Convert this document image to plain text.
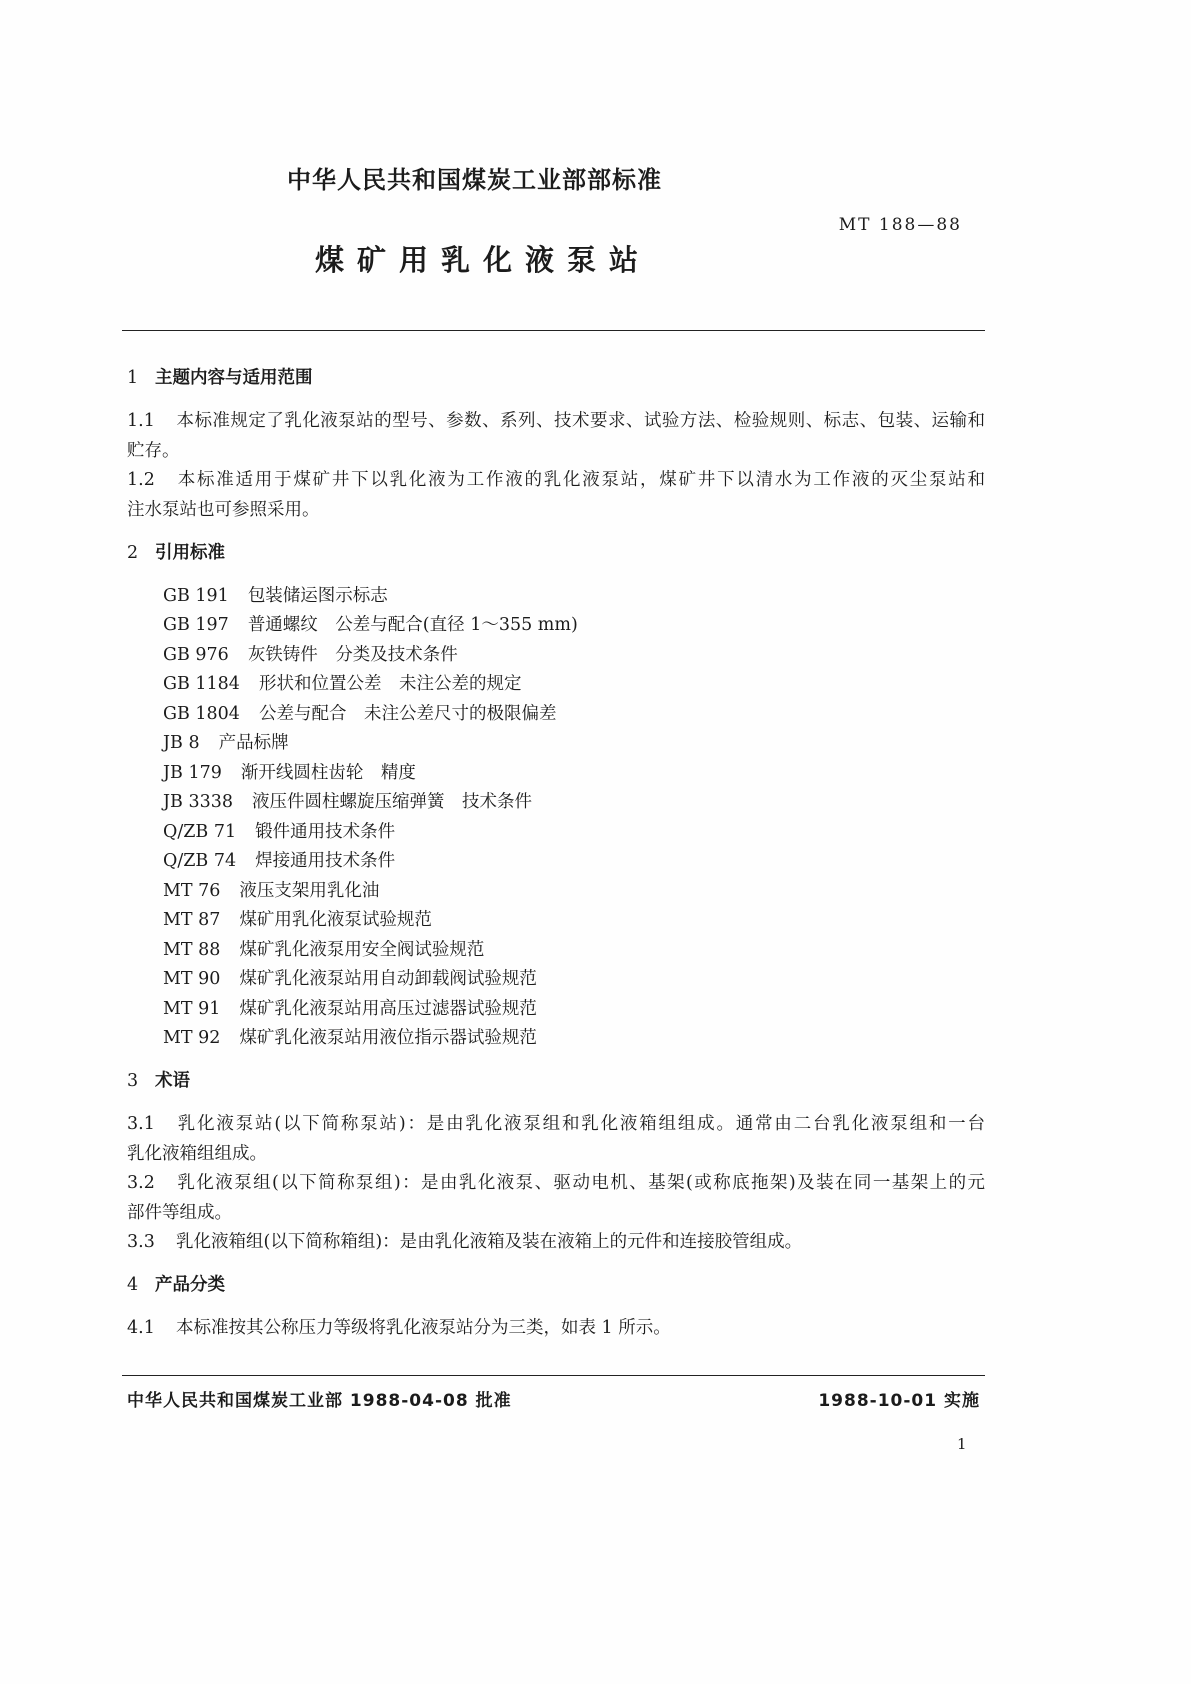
中华人民共和国煤炭工业部部标准
MT 188—88
煤矿用乳化液泵站
1 主题内容与适用范围
1.1 本标准规定了乳化液泵站的型号、参数、系列、技术要求、试验方法、检验规则、标志、包装、运输和
贮存。
1.2 本标准适用于煤矿井下以乳化液为工作液的乳化液泵站，煤矿井下以清水为工作液的灭尘泵站和
注水泵站也可参照采用。
2 引用标准
GB 191 包装储运图示标志
GB 197 普通螺纹　公差与配合(直径 1～355 mm)
GB 976 灰铁铸件　分类及技术条件
GB 1184 形状和位置公差　未注公差的规定
GB 1804 公差与配合　未注公差尺寸的极限偏差
JB 8 产品标牌
JB 179 渐开线圆柱齿轮　精度
JB 3338 液压件圆柱螺旋压缩弹簧　技术条件
Q/ZB 71 锻件通用技术条件
Q/ZB 74 焊接通用技术条件
MT 76 液压支架用乳化油
MT 87 煤矿用乳化液泵试验规范
MT 88 煤矿乳化液泵用安全阀试验规范
MT 90 煤矿乳化液泵站用自动卸载阀试验规范
MT 91 煤矿乳化液泵站用高压过滤器试验规范
MT 92 煤矿乳化液泵站用液位指示器试验规范
3 术语
3.1 乳化液泵站(以下简称泵站)：是由乳化液泵组和乳化液箱组组成。通常由二台乳化液泵组和一台
乳化液箱组组成。
3.2 乳化液泵组(以下简称泵组)：是由乳化液泵、驱动电机、基架(或称底拖架)及装在同一基架上的元
部件等组成。
3.3 乳化液箱组(以下简称箱组)：是由乳化液箱及装在液箱上的元件和连接胶管组成。
4 产品分类
4.1 本标准按其公称压力等级将乳化液泵站分为三类，如表 1 所示。
中华人民共和国煤炭工业部 1988-04-08 批准	1988-10-01 实施
1
